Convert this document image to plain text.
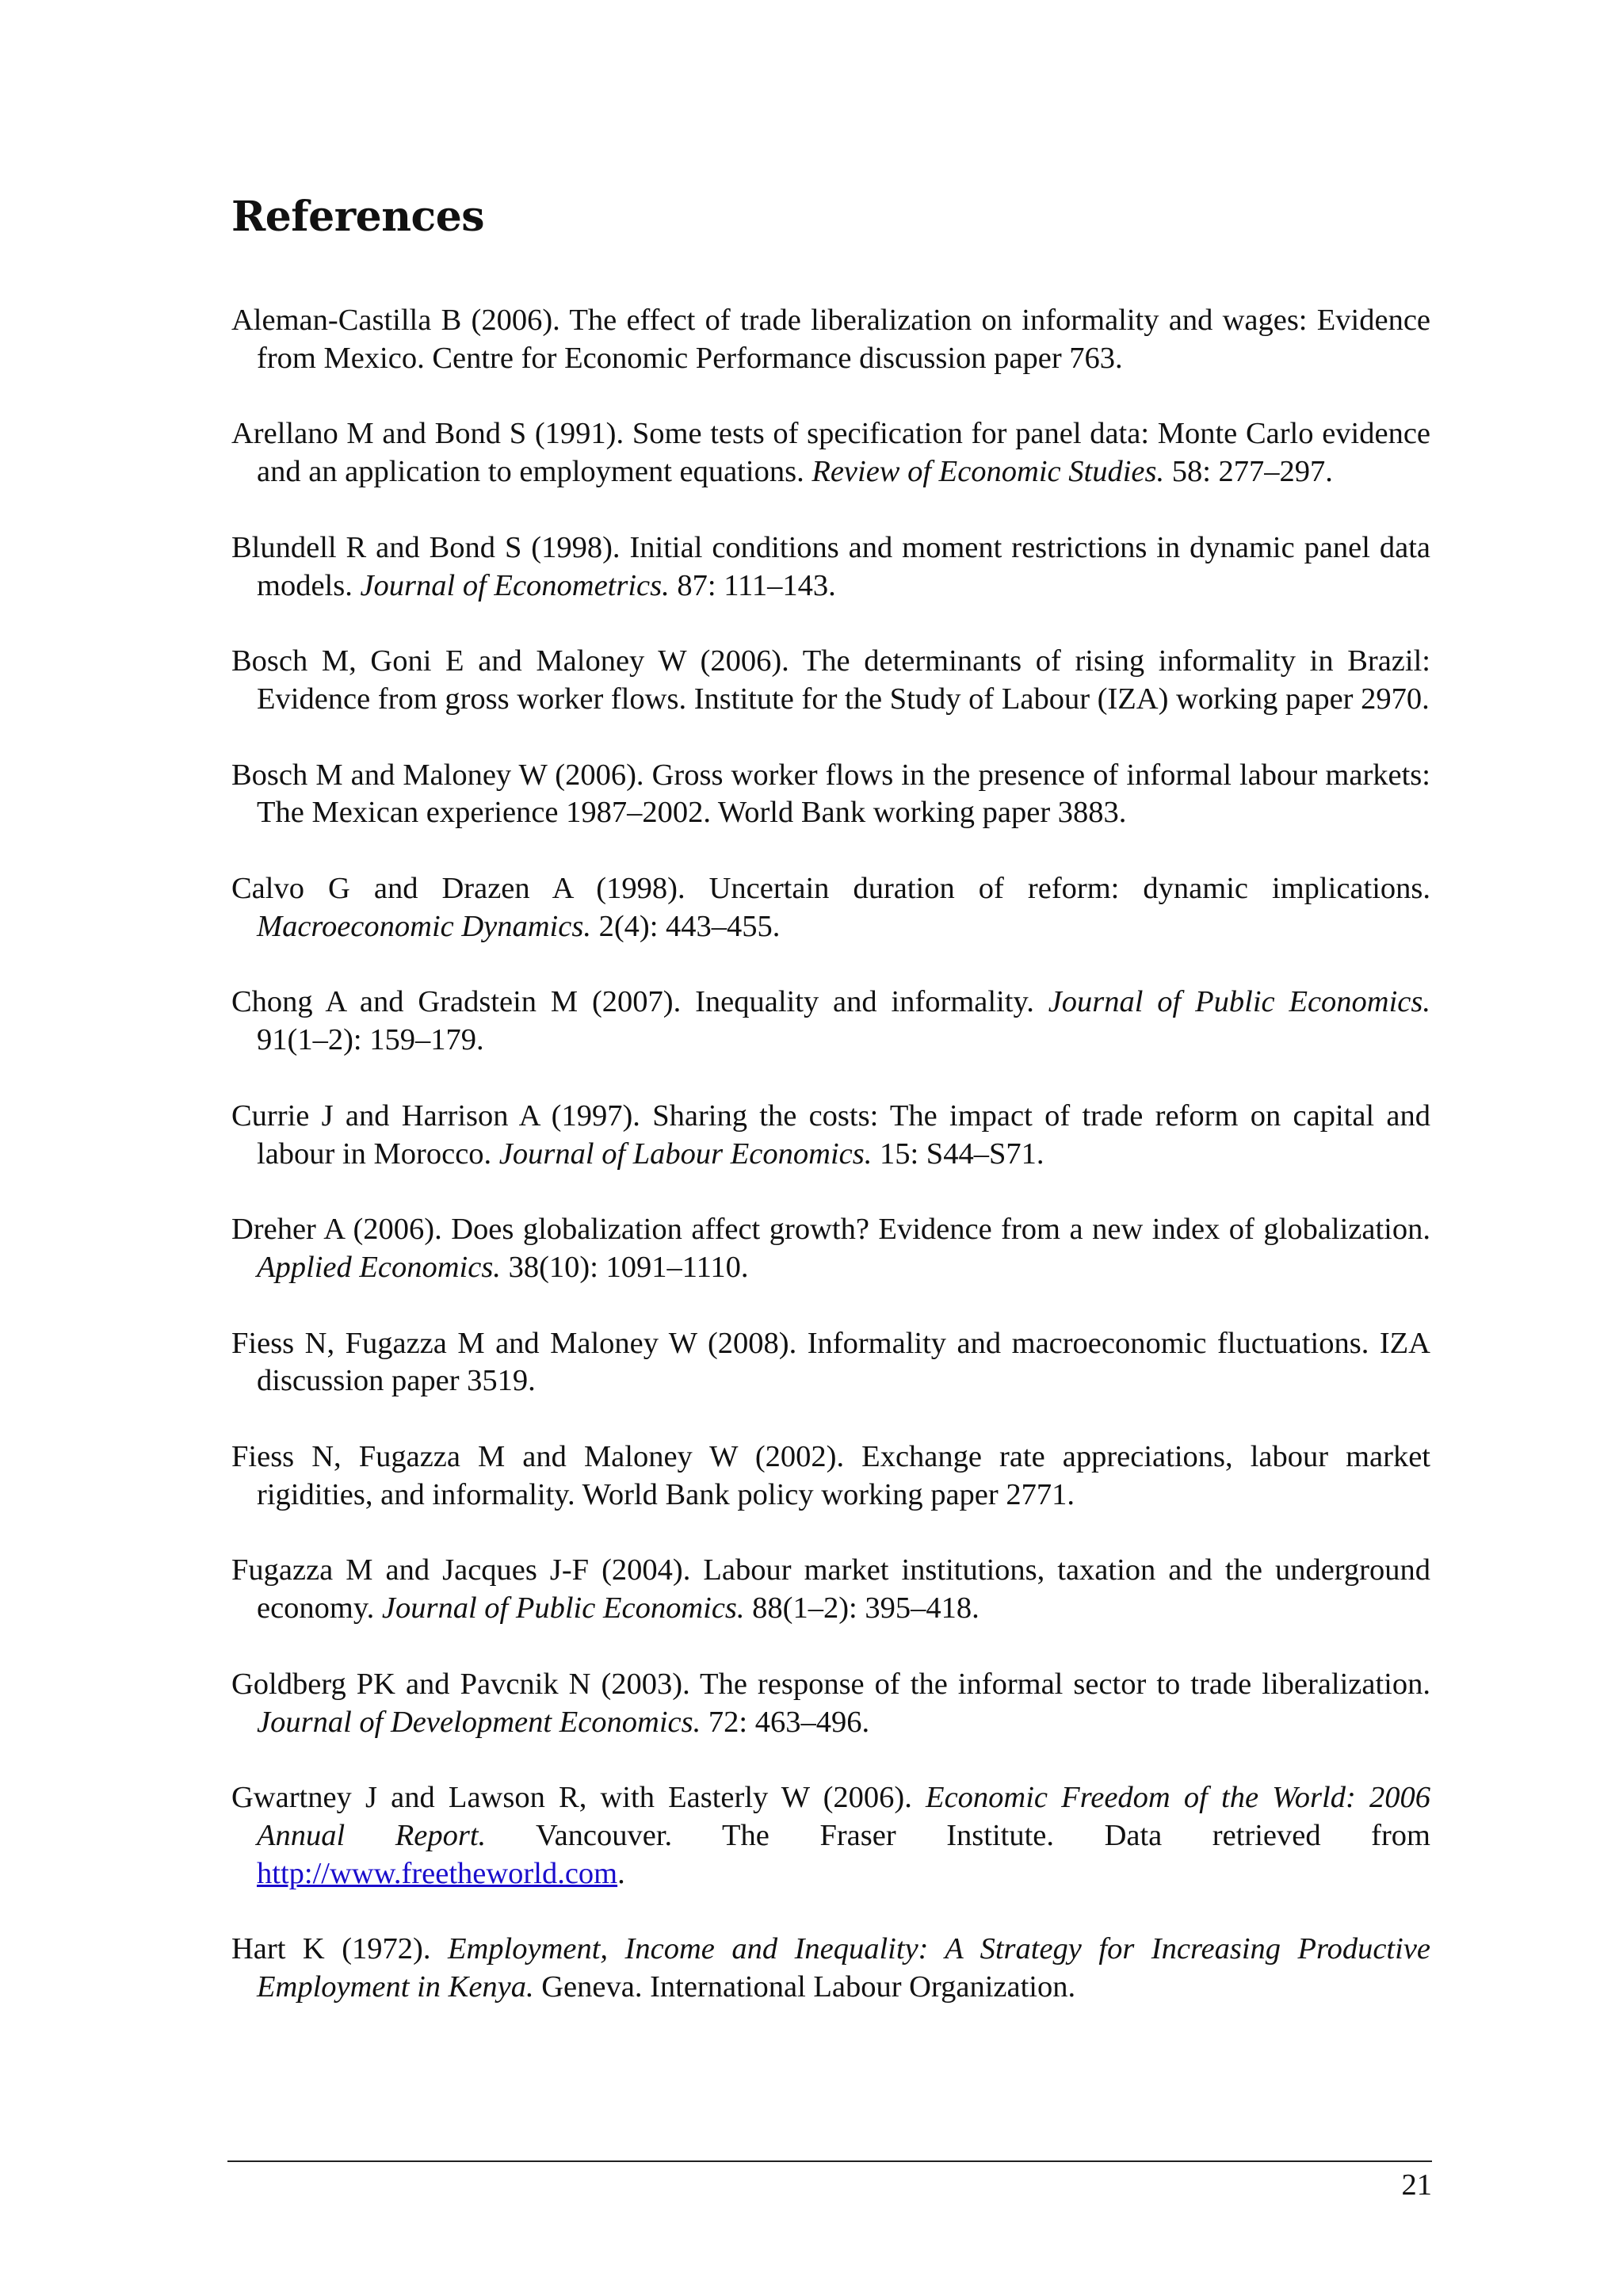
References
Aleman-Castilla B (2006). The effect of trade liberalization on informality and wages: Evidence from Mexico. Centre for Economic Performance discussion paper 763.
Arellano M and Bond S (1991). Some tests of specification for panel data: Monte Carlo evidence and an application to employment equations. Review of Economic Studies. 58: 277–297.
Blundell R and Bond S (1998). Initial conditions and moment restrictions in dynamic panel data models. Journal of Econometrics. 87: 111–143.
Bosch M, Goni E and Maloney W (2006). The determinants of rising informality in Brazil: Evidence from gross worker flows. Institute for the Study of Labour (IZA) working paper 2970.
Bosch M and Maloney W (2006). Gross worker flows in the presence of informal labour markets: The Mexican experience 1987–2002. World Bank working paper 3883.
Calvo G and Drazen A (1998). Uncertain duration of reform: dynamic implications. Macroeconomic Dynamics. 2(4): 443–455.
Chong A and Gradstein M (2007). Inequality and informality. Journal of Public Economics. 91(1–2): 159–179.
Currie J and Harrison A (1997). Sharing the costs: The impact of trade reform on capital and labour in Morocco. Journal of Labour Economics. 15: S44–S71.
Dreher A (2006). Does globalization affect growth? Evidence from a new index of globalization. Applied Economics. 38(10): 1091–1110.
Fiess N, Fugazza M and Maloney W (2008). Informality and macroeconomic fluctuations. IZA discussion paper 3519.
Fiess N, Fugazza M and Maloney W (2002). Exchange rate appreciations, labour market rigidities, and informality. World Bank policy working paper 2771.
Fugazza M and Jacques J-F (2004). Labour market institutions, taxation and the underground economy. Journal of Public Economics. 88(1–2): 395–418.
Goldberg PK and Pavcnik N (2003). The response of the informal sector to trade liberalization. Journal of Development Economics. 72: 463–496.
Gwartney J and Lawson R, with Easterly W (2006). Economic Freedom of the World: 2006 Annual Report. Vancouver. The Fraser Institute. Data retrieved from http://www.freetheworld.com.
Hart K (1972). Employment, Income and Inequality: A Strategy for Increasing Productive Employment in Kenya. Geneva. International Labour Organization.
21
